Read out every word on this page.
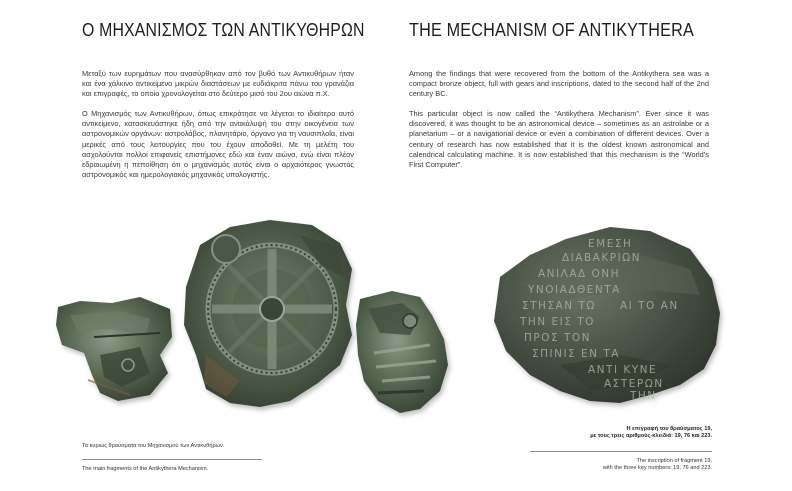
Ο ΜΗΧΑΝΙΣΜΟΣ ΤΩΝ ΑΝΤΙΚΥΘΗΡΩΝ THE MECHANISM OF ANTIKYTHERA

Μεταξύ των ευρημάτων που ανασύρθηκαν από τον βυθό των Αντικυθήρων ήταν και ένα χάλκινο αντικείμενο μικρών διαστάσεων με ευδιάκριτα πάνω του γρανάζια και επιγραφές, το οποίο χρονολογείται στο δεύτερο μισό του 2ου αιώνα π.Χ.

Ο Μηχανισμός των Αντικυθήρων, όπως επικράτησε να λέγεται το ιδιαίτερο αυτό αντικείμενο, κατασκευάστηκε ήδη από την ανακάλυψή του στην οικογένεια των αστρονομικών οργάνων: αστρολάβος, πλανητάριο, όργανο για τη ναυσιπλοΐα, είναι μερικές από τους λειτουργίες που του έχουν αποδοθεί. Με τη μελέτη του ασχολούνται πολλοί επιφανείς επιστήμονες εδώ και έναν αιώνα, ενώ είναι πλέον εδραιωμένη η πεποίθηση ότι ο μηχανισμός αυτός είναι ο αρχαιότερος γνωστός αστρονομικός και ημερολογιακός μηχανικός υπολογιστής.

Among the findings that were recovered from the bottom of the Antikythera sea was a compact bronze object, full with gears and inscriptions, dated to the second half of the 2nd century BC.

This particular object is now called the “Antikythera Mechanism”. Ever since it was discovered, it was thought to be an astronomical device – sometimes as an astrolabe or a planetarium – or a navigational device or even a combination of different devices. Over a century of research has now established that it is the oldest known astronomical and calendrical calculating machine. It is now established that this mechanism is the “World’s First Computer”.

ΕΜΕΣΗ
ΔΙΑΒΑΚΡΙΩΝ
ΑΝΙΛΑΔ ΟΝΗ
ΥΝΟΙΑΔΘΕΝΤΑ
ΣΤΗΣΑΝ ΤΩ ΑΙ ΤΟ ΑΝ
ΤΗΝ ΕΙΣ ΤΟ
ΠΡΟΣ ΤΟΝ
ΣΠΙΝΙΣ ΕΝ ΤΑ
ΑΝΤΙ ΚΥΝΕ
ΑΣΤΕΡΩΝ
ΤΗΝ
Τα κυριώς θραύσματα του Μηχανισμού των Αντικυθήρων.
The main fragments of the Antikythera Mechanism.
Η επιγραφή του θραύσματος 19,
με τους τρεις αριθμούς-κλειδιά: 19, 76 και 223.
The inscription of fragment 19,
with the three key numbers: 19, 76 and 223.
